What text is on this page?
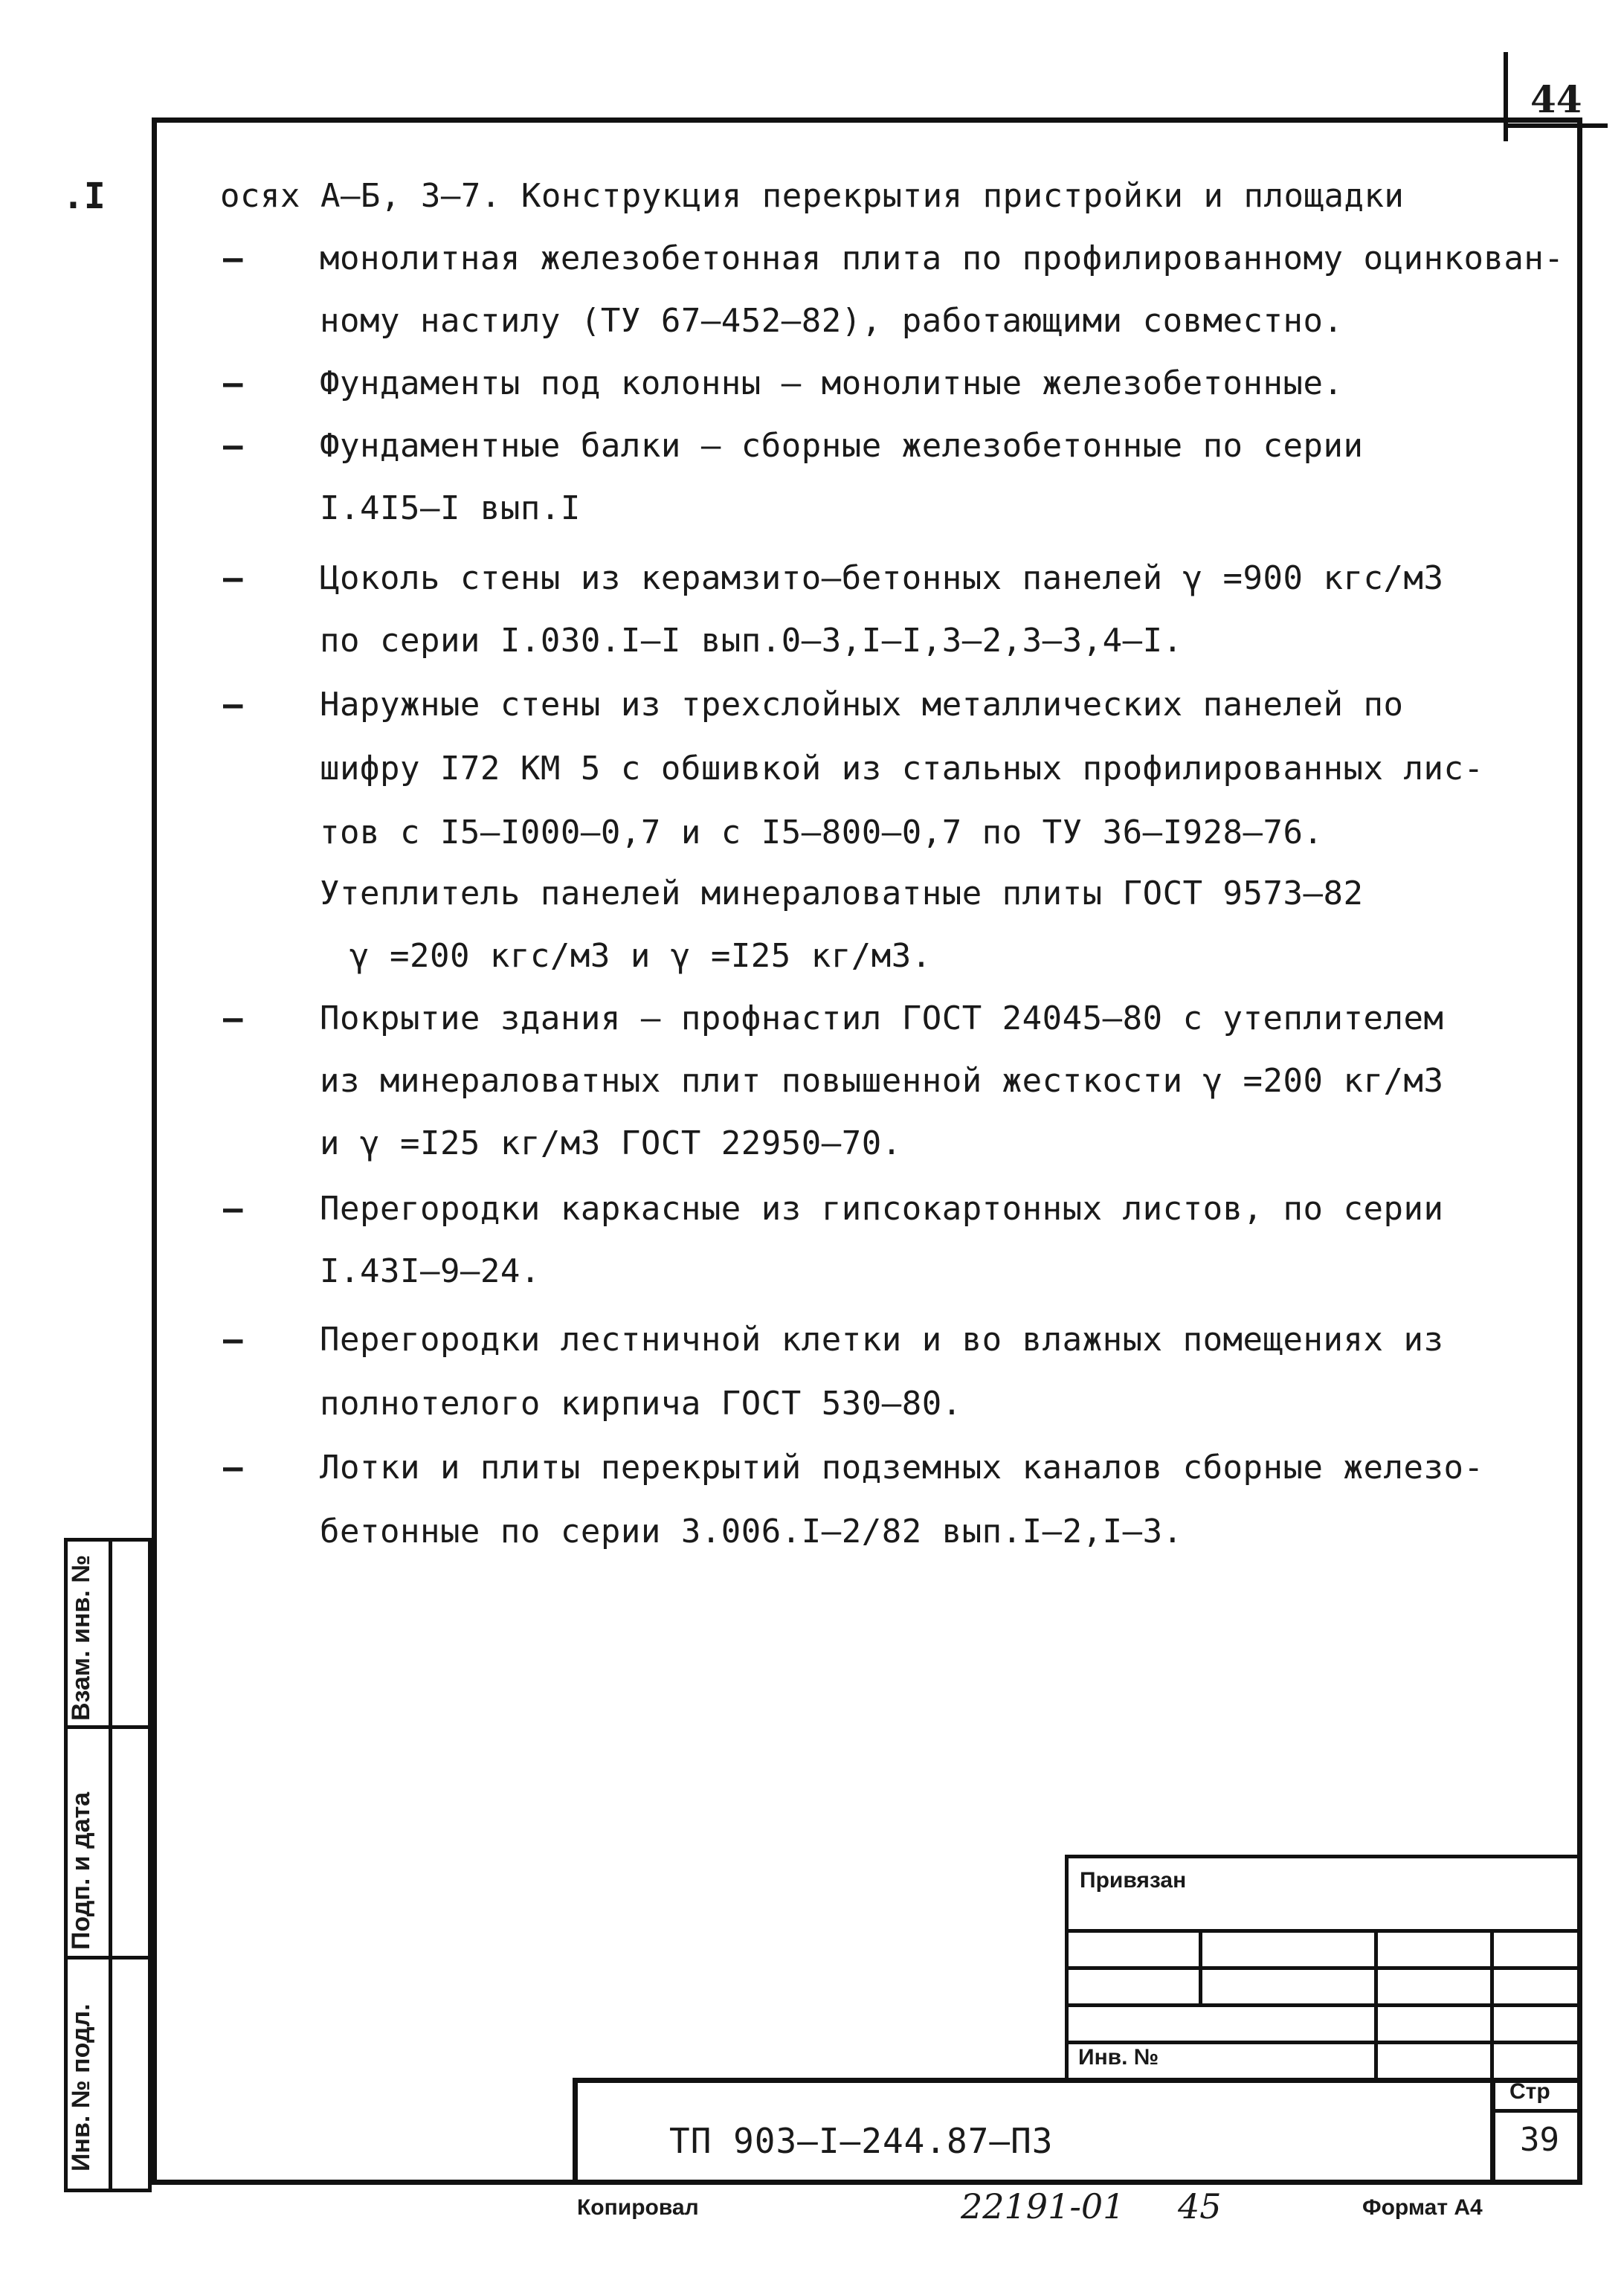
44
.I	осях А–Б, 3–7. Конструкция перекрытия пристройки и площадки
– монолитная железобетонная плита по профилированному оцинкован-
ному настилу (ТУ 67–452–82), работающими совместно.
– Фундаменты под колонны – монолитные железобетонные.
– Фундаментные балки – сборные железобетонные по серии
I.4I5–I вып.I
– Цоколь стены из керамзито–бетонных панелей γ =900 кгс/м3
по серии I.030.I–I вып.0–3,I–I,3–2,3–3,4–I.
– Наружные стены из трехслойных металлических панелей по
шифру I72 КМ 5 с обшивкой из стальных профилированных лис-
тов с I5–I000–0,7 и с I5–800–0,7 по ТУ 36–I928–76.
Утеплитель панелей минераловатные плиты ГОСТ 9573–82
γ =200 кгс/м3 и γ =I25 кг/м3.
– Покрытие здания – профнастил ГОСТ 24045–80 с утеплителем
из минераловатных плит повышенной жесткости γ =200 кг/м3
и γ =I25 кг/м3 ГОСТ 22950–70.
– Перегородки каркасные из гипсокартонных листов, по серии
I.43I–9–24.
– Перегородки лестничной клетки и во влажных помещениях из
полнотелого кирпича ГОСТ 530–80.
– Лотки и плиты перекрытий подземных каналов сборные железо-
бетонные по серии 3.006.I–2/82 вып.I–2,I–3.
Взам. инв. №
Подп. и дата
Инв. № подл.
Привязан
Инв. №
ТП 903–I–244.87–ПЗ
Стр
39
Копировал	22191-01 45	Формат А4
